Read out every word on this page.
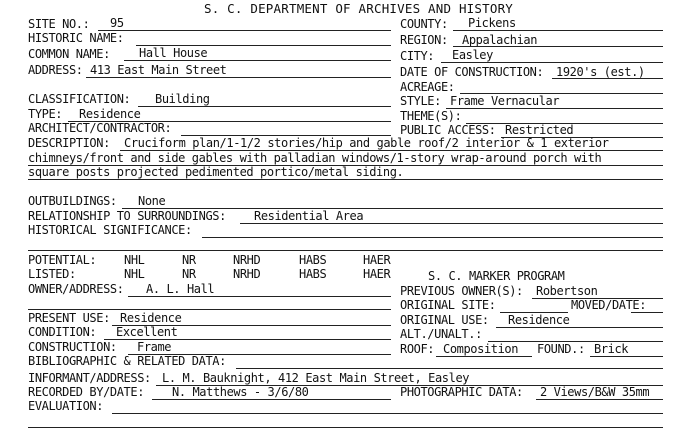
S. C. DEPARTMENT OF ARCHIVES AND HISTORY
SITE NO.: 95
HISTORIC NAME:
COMMON NAME: Hall House
ADDRESS: 413 East Main Street
COUNTY: Pickens
REGION: Appalachian
CITY: Easley
DATE OF CONSTRUCTION: 1920's (est.)
ACREAGE:
CLASSIFICATION: Building
TYPE: Residence
ARCHITECT/CONTRACTOR:
STYLE: Frame Vernacular
THEME(S):
PUBLIC ACCESS: Restricted
DESCRIPTION: Cruciform plan/1-1/2 stories/hip and gable roof/2 interior & 1 exterior
chimneys/front and side gables with palladian windows/1-story wrap-around porch with
square posts projected pedimented portico/metal siding.
OUTBUILDINGS: None
RELATIONSHIP TO SURROUNDINGS: Residential Area
HISTORICAL SIGNIFICANCE:
POTENTIAL: NHL	NR	NRHD	HABS	HAER
LISTED:	NHL	NR	NRHD	HABS	HAER	S. C. MARKER PROGRAM
OWNER/ADDRESS: A. L. Hall	PREVIOUS OWNER(S): Robertson
ORIGINAL SITE:	MOVED/DATE:
PRESENT USE: Residence	ORIGINAL USE: Residence
CONDITION: Excellent	ALT./UNALT.:
CONSTRUCTION: Frame	ROOF: Composition FOUND.: Brick
BIBLIOGRAPHIC & RELATED DATA:
INFORMANT/ADDRESS: L. M. Bauknight, 412 East Main Street, Easley
RECORDED BY/DATE: N. Matthews - 3/6/80	PHOTOGRAPHIC DATA: 2 Views/B&W 35mm
EVALUATION:
